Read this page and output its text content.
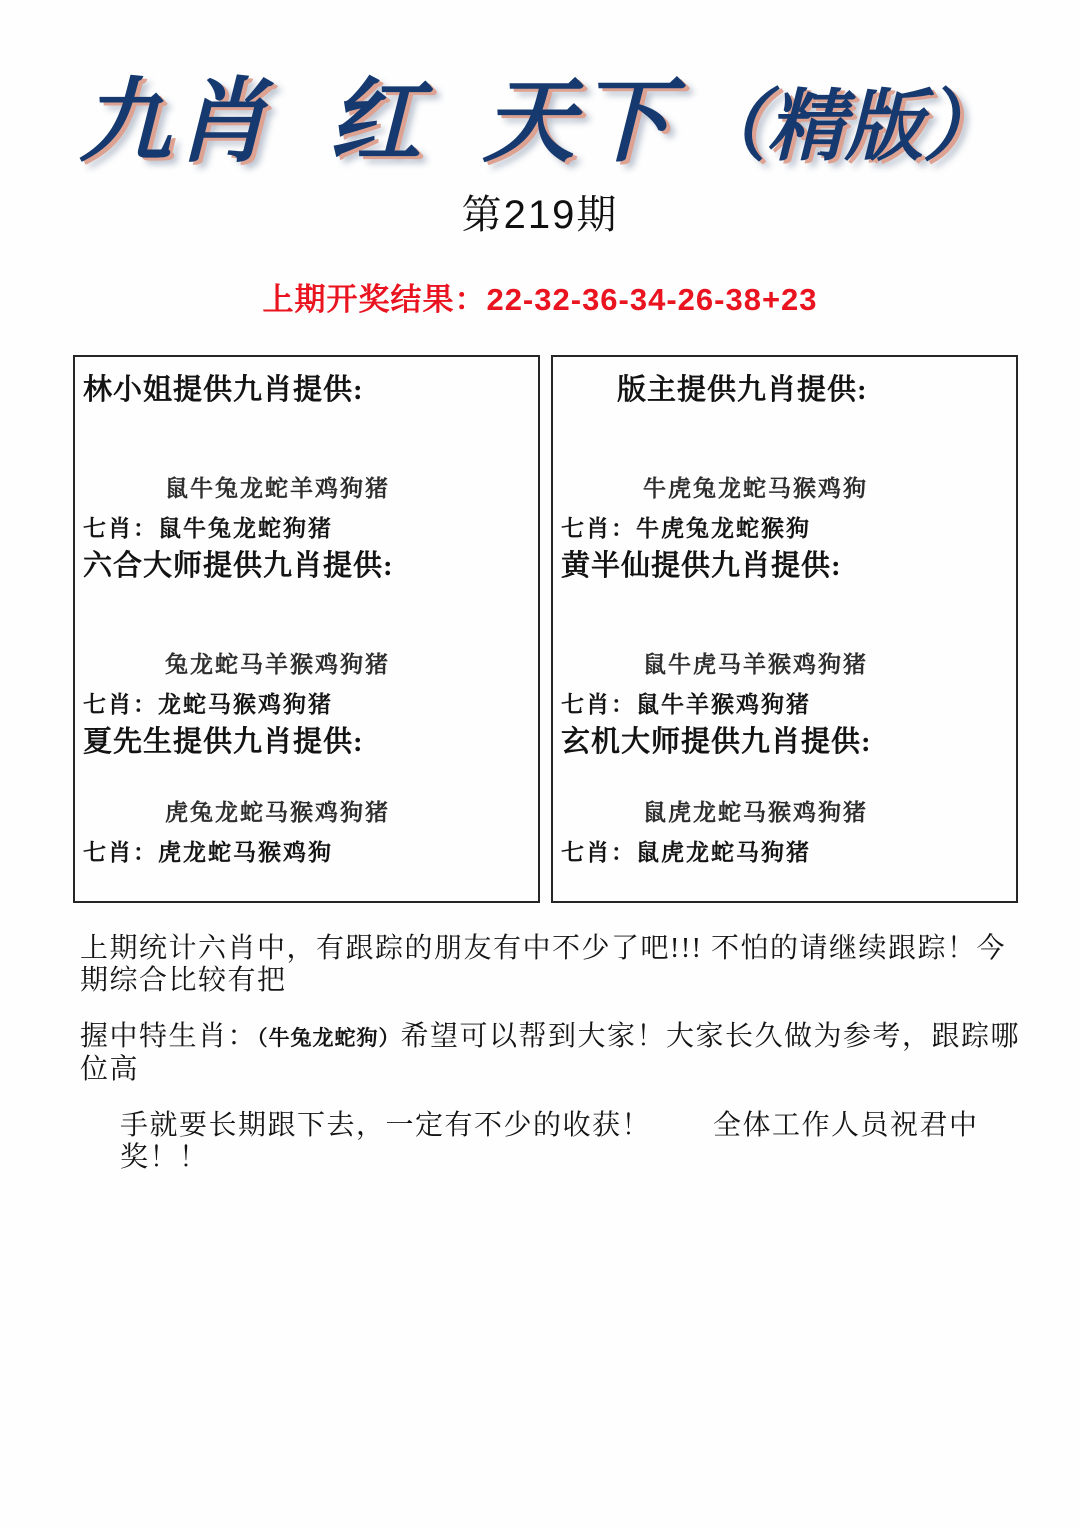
九肖★红★天下 （精版）
第219期
上期开奖结果：22-32-36-34-26-38+23
林小姐提供九肖提供:
鼠牛兔龙蛇羊鸡狗猪
七肖：鼠牛兔龙蛇狗猪
六合大师提供九肖提供:
兔龙蛇马羊猴鸡狗猪
七肖：龙蛇马猴鸡狗猪
夏先生提供九肖提供:
虎兔龙蛇马猴鸡狗猪
七肖：虎龙蛇马猴鸡狗
版主提供九肖提供:
牛虎兔龙蛇马猴鸡狗
七肖：牛虎兔龙蛇猴狗
黄半仙提供九肖提供:
鼠牛虎马羊猴鸡狗猪
七肖：鼠牛羊猴鸡狗猪
玄机大师提供九肖提供:
鼠虎龙蛇马猴鸡狗猪
七肖：鼠虎龙蛇马狗猪
上期统计六肖中，有跟踪的朋友有中不少了吧!!! 不怕的请继续跟踪！今期综合比较有把
握中特生肖：（牛兔龙蛇狗）希望可以帮到大家！大家长久做为参考，跟踪哪位高
手就要长期跟下去，一定有不少的收获！ 全体工作人员祝君中奖！！
